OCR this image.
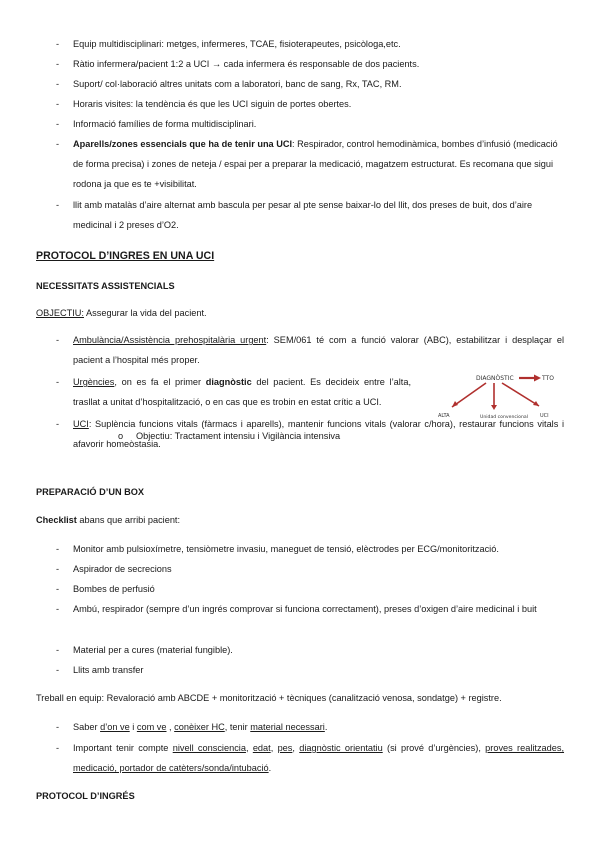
-	Equip multidisciplinari: metges, infermeres, TCAE, fisioterapeutes, psicòloga,etc.
-	Ràtio infermera/pacient 1:2 a UCI → cada infermera és responsable de dos pacients.
-	Suport/ col·laboració altres unitats com a laboratori, banc de sang, Rx, TAC, RM.
-	Horaris visites: la tendència és que les UCI siguin de portes obertes.
-	Informació famílies de forma multidisciplinari.
-	Aparells/zones essencials que ha de tenir una UCI: Respirador, control hemodinàmica, bombes d’infusió (medicació de forma precisa) i zones de neteja / espai per a preparar la medicació, magatzem estructurat. Es recomana que sigui rodona ja que es te +visibilitat.
-	llit amb matalàs d’aire alternat amb bascula per pesar al pte sense baixar-lo del llit, dos preses de buit, dos d’aire medicinal i 2 preses d’O2.
PROTOCOL D’INGRES EN UNA UCI
NECESSITATS ASSISTENCIALS
OBJECTIU: Assegurar la vida del pacient.
-	Ambulància/Assistència prehospitalària urgent: SEM/061 té com a funció valorar (ABC), estabilitzar i desplaçar el pacient a l’hospital més proper.
-	Urgències, on es fa el primer diagnòstic del pacient. Es decideix entre l’alta, trasllat a unitat d’hospitalització, o en cas que es trobin en estat crític a UCI.
-	UCI: Suplència funcions vitals (fàrmacs i aparells), mantenir funcions vitals (valorar c/hora), restaurar funcions vitals i afavorir homeòstasia.
o Objectiu: Tractament intensiu i Vigilància intensiva
DIAGNÒSTIC	TTO
ALTA	Unidad convencional UCI
PREPARACIÓ D’UN BOX
Checklist abans que arribi pacient:
-	Monitor amb pulsioxímetre, tensiòmetre invasiu, maneguet de tensió, elèctrodes per ECG/monitorització.
-	Aspirador de secrecions
-	Bombes de perfusió
-	Ambú, respirador (sempre d’un ingrés comprovar si funciona correctament), preses d’oxigen d’aire medicinal i buit
-	Material per a cures (material fungible).
-	Llits amb transfer
Treball en equip: Revaloració amb ABCDE + monitorització + tècniques (canalització venosa, sondatge) + registre.
-	Saber d’on ve i com ve , conèixer HC, tenir material necessari.
-	Important tenir compte nivell consciencia, edat, pes, diagnòstic orientatiu (si prové d’urgències), proves realitzades, medicació, portador de catèters/sonda/intubació.
PROTOCOL D’INGRÉS
